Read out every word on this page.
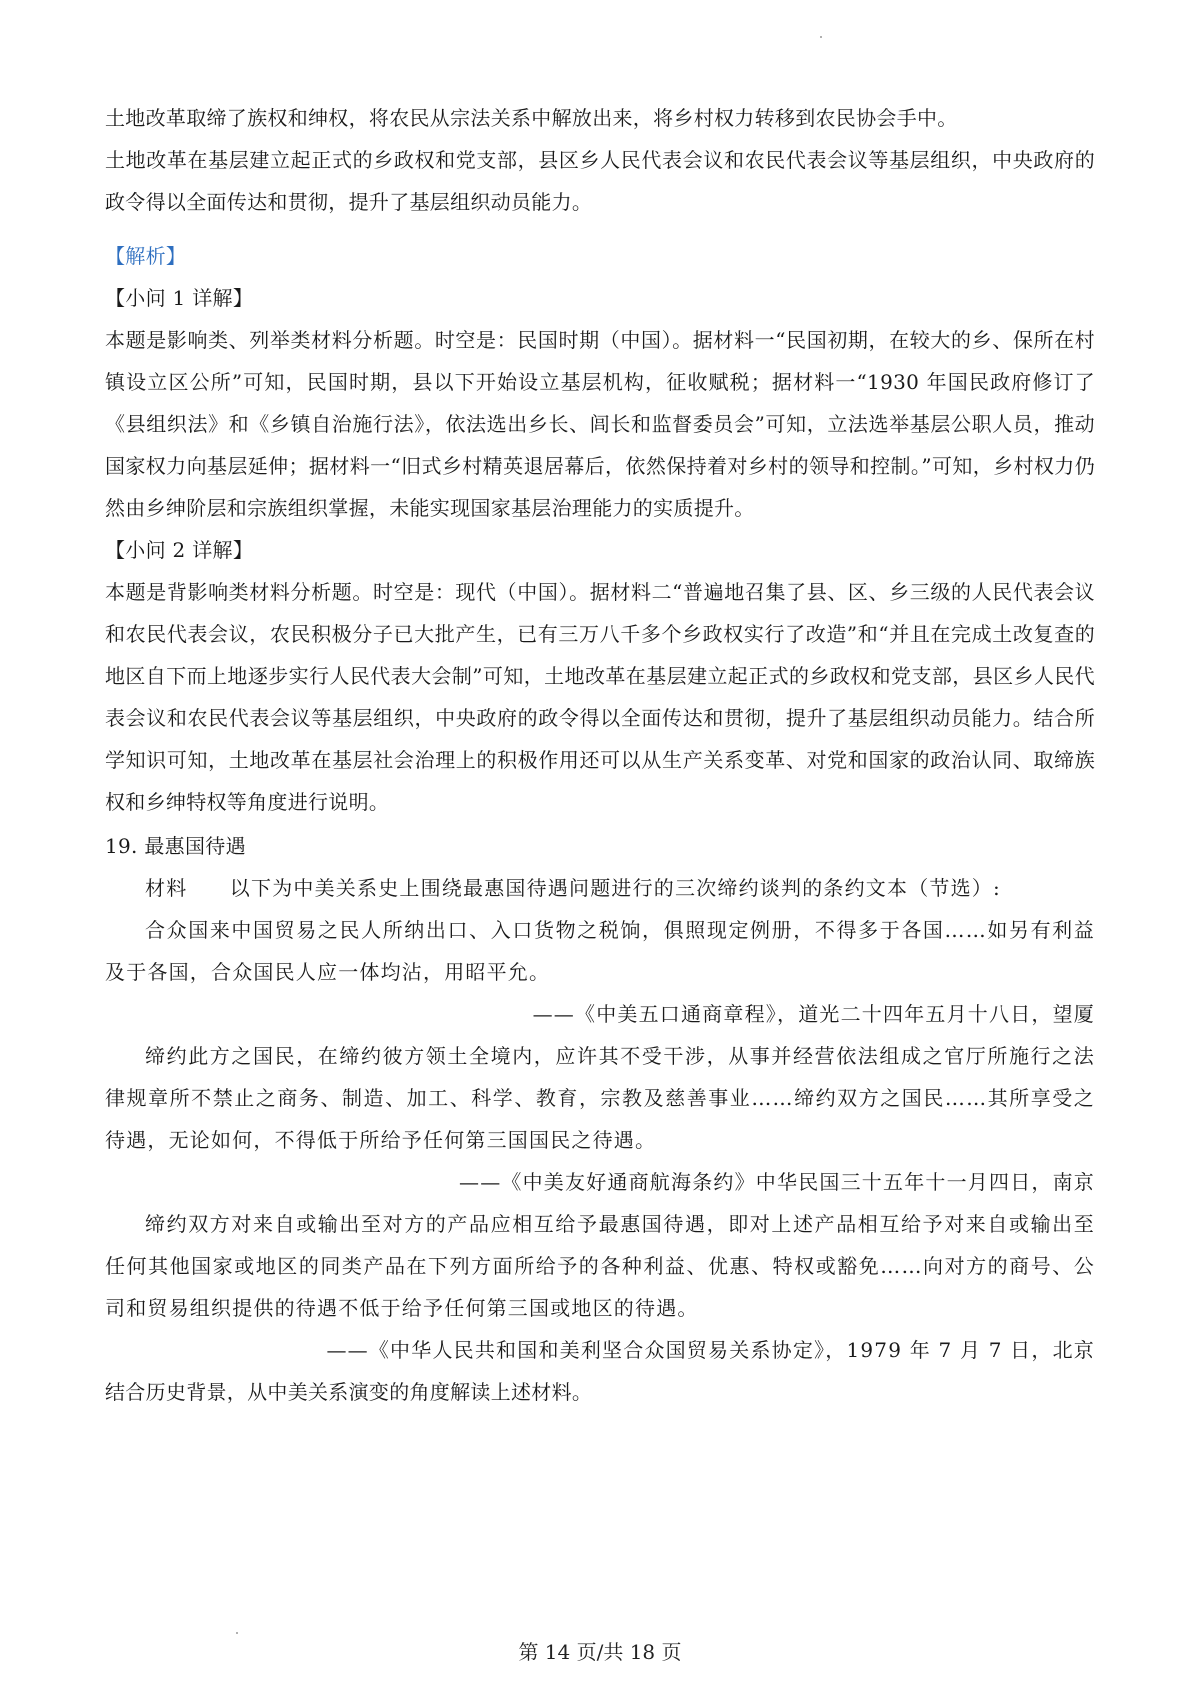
土地改革取缔了族权和绅权，将农民从宗法关系中解放出来，将乡村权力转移到农民协会手中。

土地改革在基层建立起正式的乡政权和党支部，县区乡人民代表会议和农民代表会议等基层组织，中央政府的政令得以全面传达和贯彻，提升了基层组织动员能力。

【解析】

【小问 1 详解】

本题是影响类、列举类材料分析题。时空是：民国时期（中国）。据材料一“民国初期，在较大的乡、保所在村镇设立区公所”可知，民国时期，县以下开始设立基层机构，征收赋税；据材料一“1930 年国民政府修订了《县组织法》和《乡镇自治施行法》，依法选出乡长、闾长和监督委员会”可知，立法选举基层公职人员，推动国家权力向基层延伸；据材料一“旧式乡村精英退居幕后，依然保持着对乡村的领导和控制。”可知，乡村权力仍然由乡绅阶层和宗族组织掌握，未能实现国家基层治理能力的实质提升。

【小问 2 详解】

本题是背影响类材料分析题。时空是：现代（中国）。据材料二“普遍地召集了县、区、乡三级的人民代表会议和农民代表会议，农民积极分子已大批产生，已有三万八千多个乡政权实行了改造”和“并且在完成土改复查的地区自下而上地逐步实行人民代表大会制”可知，土地改革在基层建立起正式的乡政权和党支部，县区乡人民代表会议和农民代表会议等基层组织，中央政府的政令得以全面传达和贯彻，提升了基层组织动员能力。结合所学知识可知，土地改革在基层社会治理上的积极作用还可以从生产关系变革、对党和国家的政治认同、取缔族权和乡绅特权等角度进行说明。

19. 最惠国待遇

材料　　以下为中美关系史上围绕最惠国待遇问题进行的三次缔约谈判的条约文本（节选）:

合众国来中国贸易之民人所纳出口、入口货物之税饷，俱照现定例册，不得多于各国……如另有利益及于各国，合众国民人应一体均沾，用昭平允。

——《中美五口通商章程》，道光二十四年五月十八日，望厦

缔约此方之国民，在缔约彼方领土全境内，应许其不受干涉，从事并经营依法组成之官厅所施行之法律规章所不禁止之商务、制造、加工、科学、教育，宗教及慈善事业……缔约双方之国民……其所享受之待遇，无论如何，不得低于所给予任何第三国国民之待遇。

——《中美友好通商航海条约》中华民国三十五年十一月四日，南京

缔约双方对来自或输出至对方的产品应相互给予最惠国待遇，即对上述产品相互给予对来自或输出至任何其他国家或地区的同类产品在下列方面所给予的各种利益、优惠、特权或豁免……向对方的商号、公司和贸易组织提供的待遇不低于给予任何第三国或地区的待遇。

——《中华人民共和国和美利坚合众国贸易关系协定》，1979 年 7 月 7 日，北京

结合历史背景，从中美关系演变的角度解读上述材料。

第 14 页/共 18 页
